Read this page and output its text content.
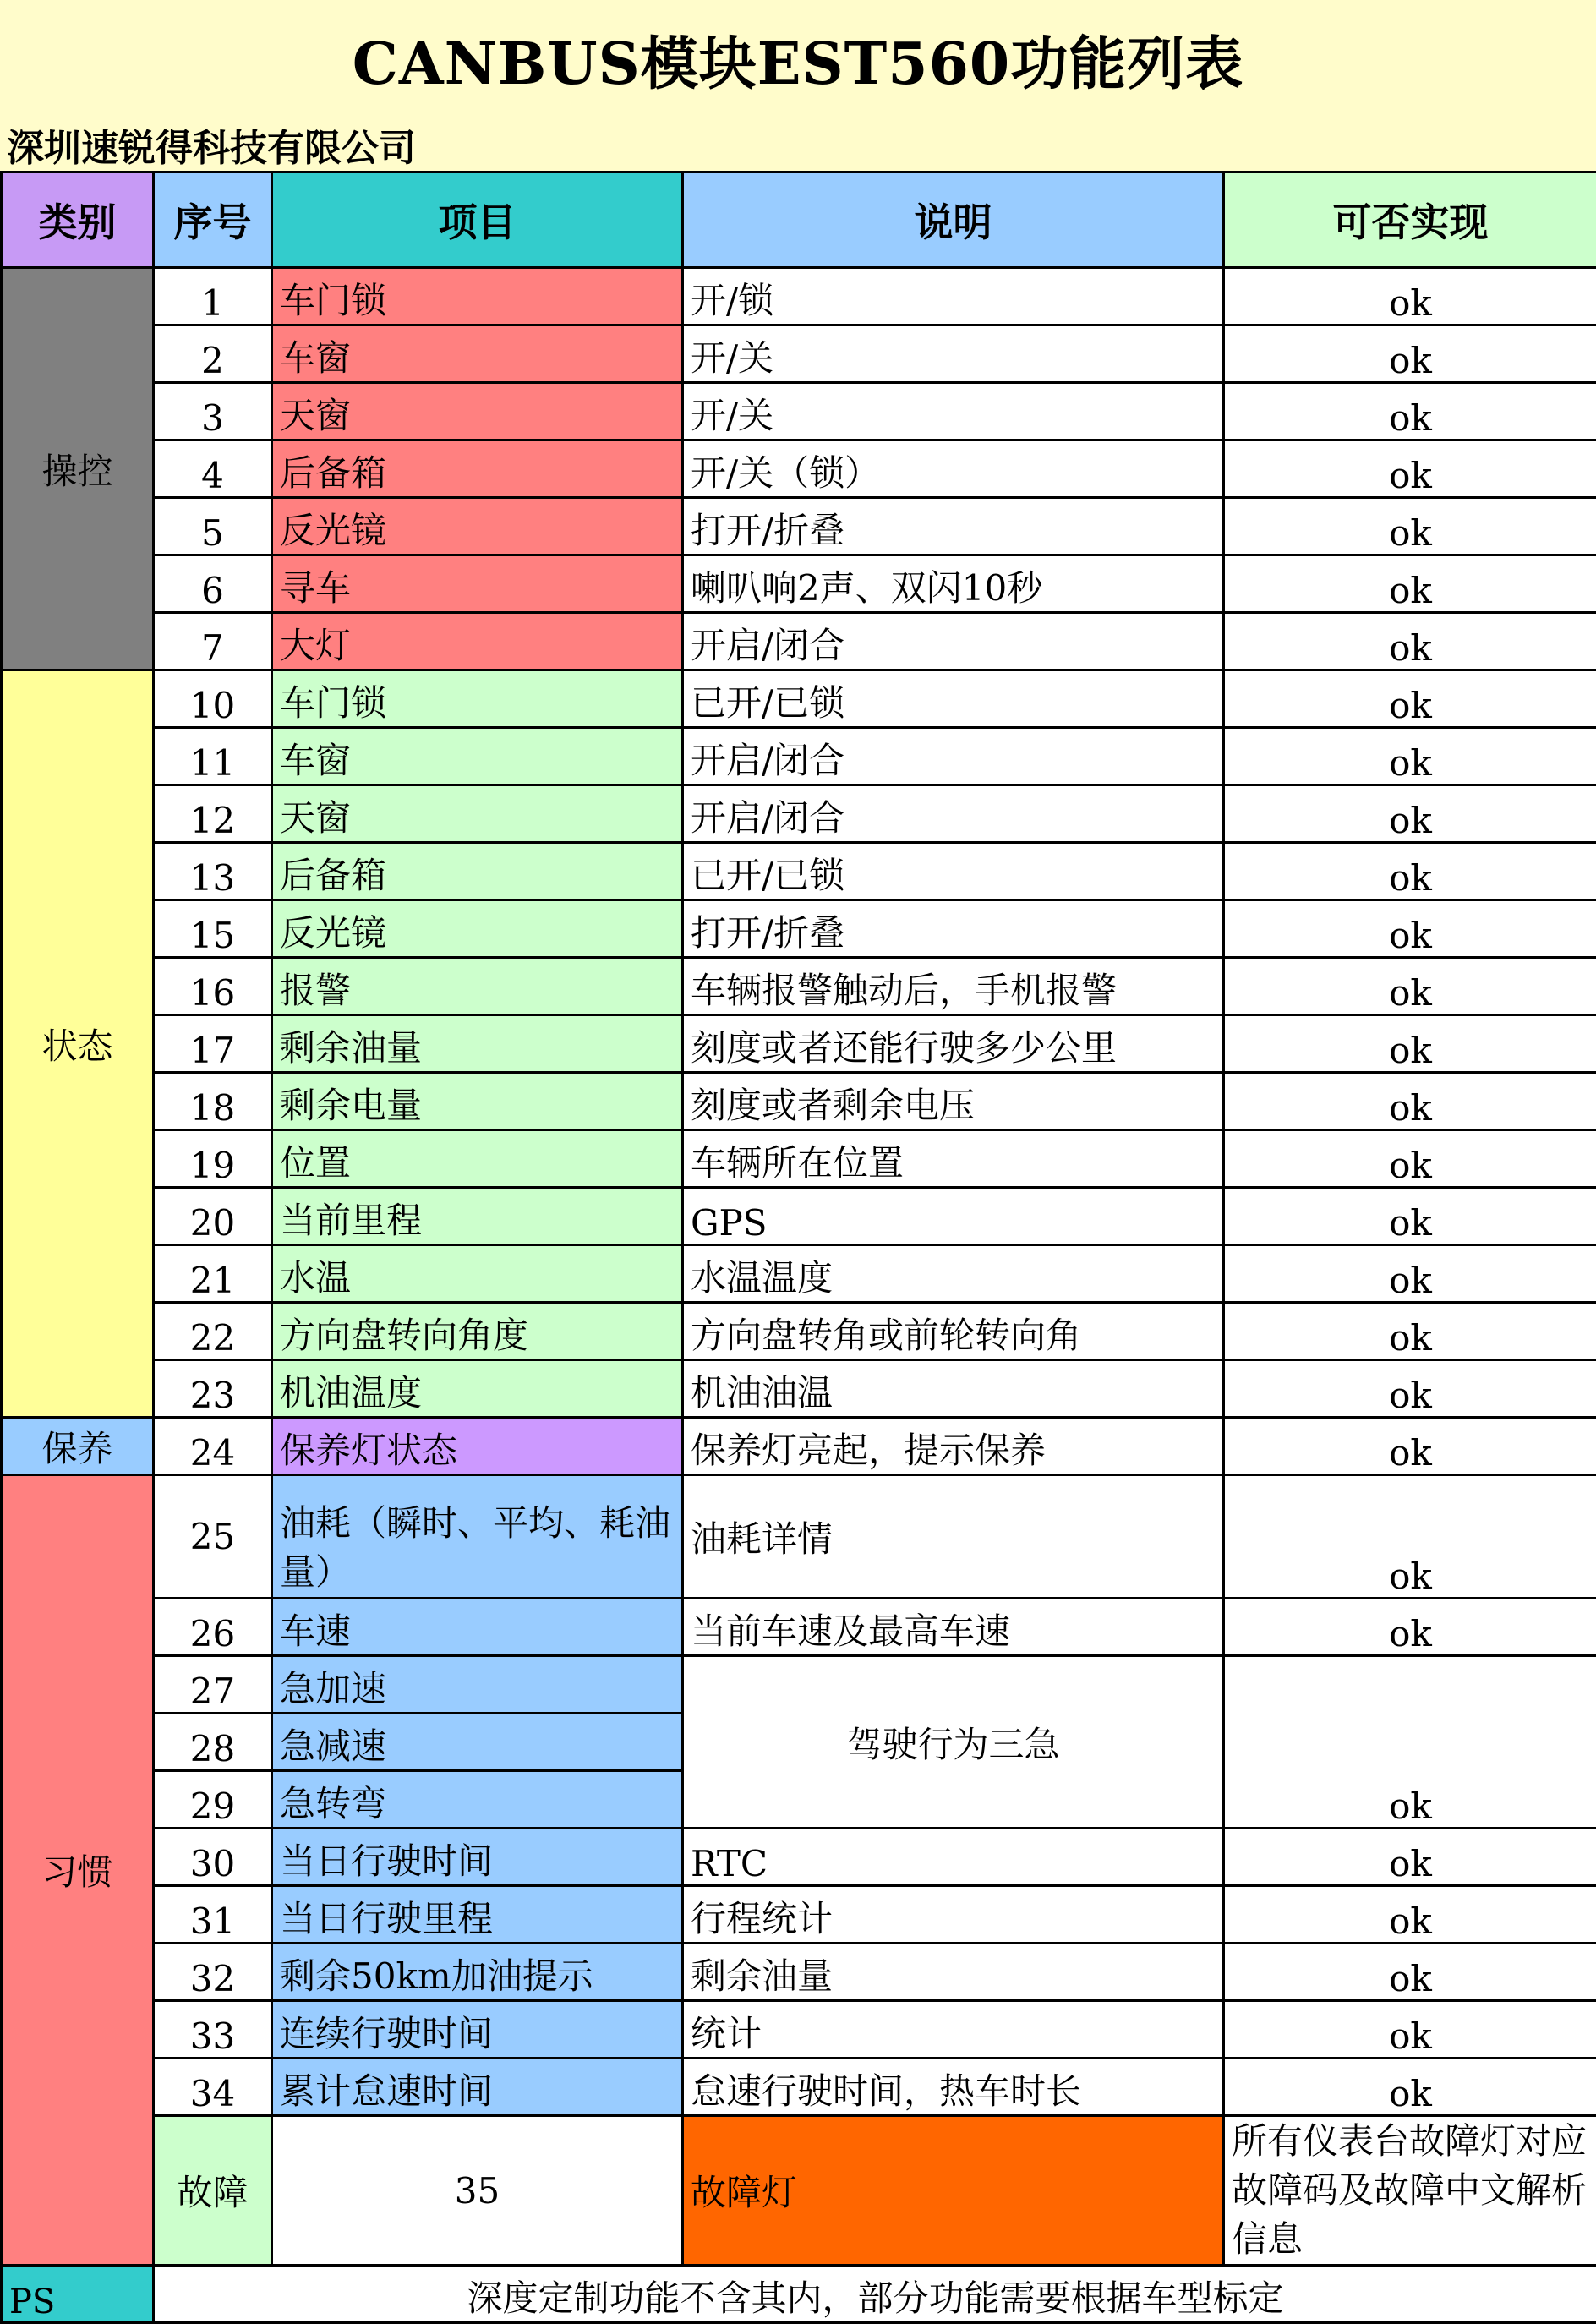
CANBUS模块EST560功能列表
深圳速锐得科技有限公司
类别	序号	项目	说明	可否实现	
操控	1	车门锁	开/锁	ok	
	2	车窗	开/关	ok	
	3	天窗	开/关	ok	
	4	后备箱	开/关（锁）	ok	
	5	反光镜	打开/折叠	ok	
	6	寻车	喇叭响2声、双闪10秒	ok	
	7	大灯	开启/闭合	ok	
状态	10	车门锁	已开/已锁	ok	
	11	车窗	开启/闭合	ok	
	12	天窗	开启/闭合	ok	
	13	后备箱	已开/已锁	ok	
	15	反光镜	打开/折叠	ok	
	16	报警	车辆报警触动后，手机报警	ok	
	17	剩余油量	刻度或者还能行驶多少公里	ok	
	18	剩余电量	刻度或者剩余电压	ok	
	19	位置	车辆所在位置	ok	
	20	当前里程	GPS	ok	
	21	水温	水温温度	ok	
	22	方向盘转向角度	方向盘转角或前轮转向角	ok	
	23	机油温度	机油油温	ok	
保养	24	保养灯状态	保养灯亮起，提示保养	ok	
习惯	25	油耗（瞬时、平均、耗油量）	油耗详情	ok	
	26	车速	当前车速及最高车速	ok	
	27	急加速	驾驶行为三急	ok	
	28	急减速			
	29	急转弯			
	30	当日行驶时间	RTC	ok	
	31	当日行驶里程	行程统计	ok	
	32	剩余50km加油提示	剩余油量	ok	
	33	连续行驶时间	统计	ok	
	34	累计怠速时间	怠速行驶时间，热车时长	ok	
	故障	35	故障灯	所有仪表台故障灯对应故障码及故障中文解析信息	
PS	深度定制功能不含其内，部分功能需要根据车型标定				
